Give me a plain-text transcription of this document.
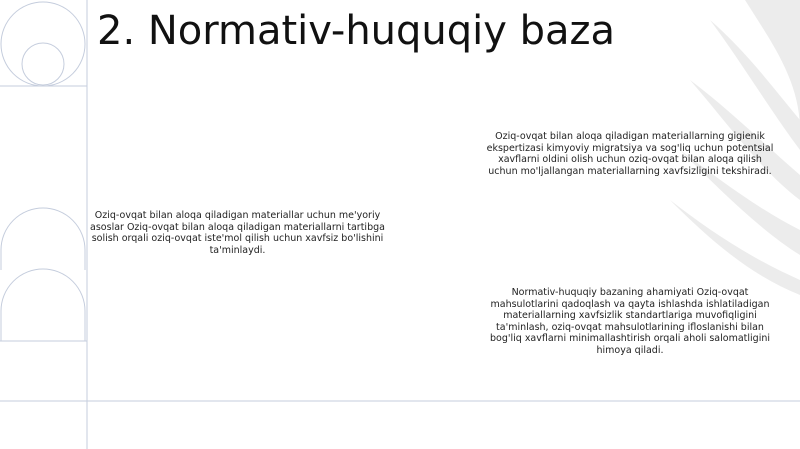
2. Normativ-huquqiy baza

Oziq-ovqat bilan aloqa qiladigan materiallarning gigienik ekspertizasi kimyoviy migratsiya va sog'liq uchun potentsial xavflarni oldini olish uchun oziq-ovqat bilan aloqa qilish uchun mo'ljallangan materiallarning xavfsizligini tekshiradi.

Oziq-ovqat bilan aloqa qiladigan materiallar uchun me'yoriy asoslar Oziq-ovqat bilan aloqa qiladigan materiallarni tartibga solish orqali oziq-ovqat iste'mol qilish uchun xavfsiz bo'lishini ta'minlaydi.

Normativ-huquqiy bazaning ahamiyati Oziq-ovqat mahsulotlarini qadoqlash va qayta ishlashda ishlatiladigan materiallarning xavfsizlik standartlariga muvofiqligini ta'minlash, oziq-ovqat mahsulotlarining ifloslanishi bilan bog'liq xavflarni minimallashtirish orqali aholi salomatligini himoya qiladi.
